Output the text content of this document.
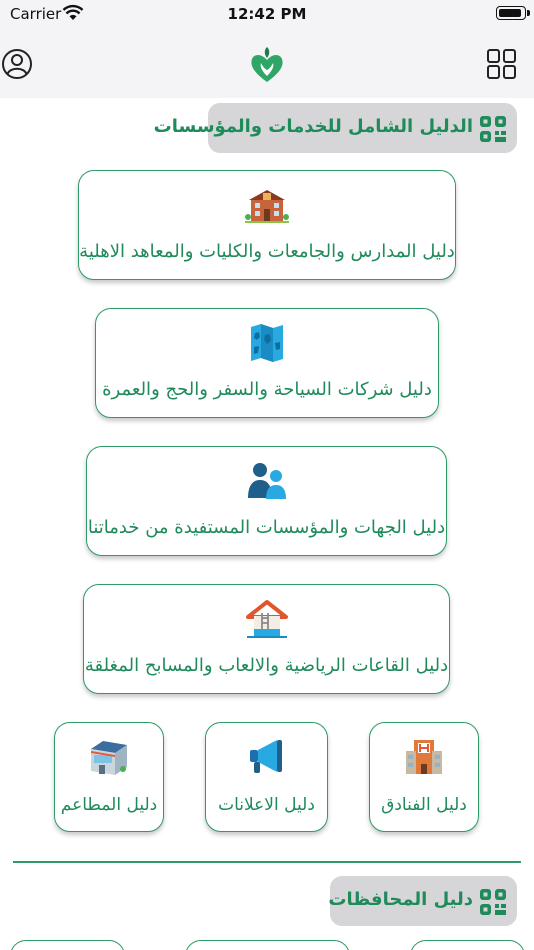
Carrier	12:42 PM
الدليل الشامل للخدمات والمؤسسات
دليل المدارس والجامعات والكليات والمعاهد الاهلية
دليل شركات السياحة والسفر والحج والعمرة
دليل الجهات والمؤسسات المستفيدة من خدماتنا
دليل القاعات الرياضية والالعاب والمسابح المغلقة
دليل المطاعم	دليل الاعلانات	دليل الفنادق
دليل المحافظات
